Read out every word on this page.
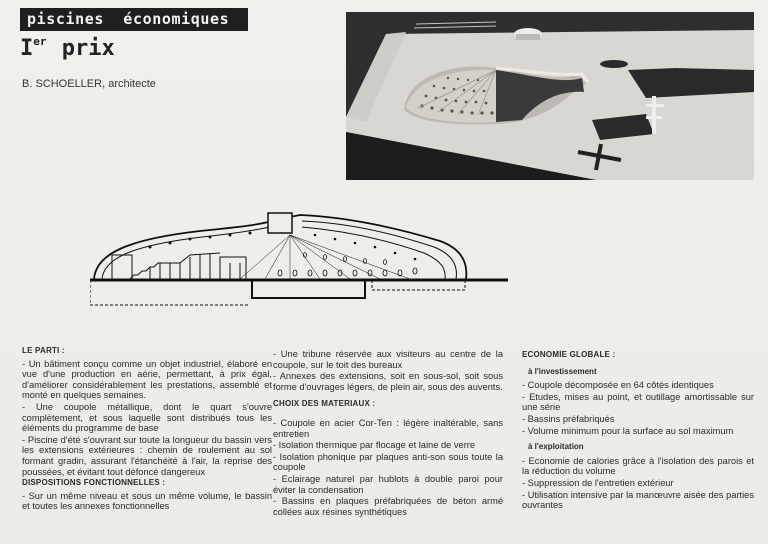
piscines  économiques
Ier prix
B. SCHOELLER, architecte
LE PARTI :
- Un bâtiment conçu comme un objet industriel, élaboré en vue d'une production en aérie, permettant, à prix égal, d'améliorer considérablement les prestations, assemblé et monté en quelques semaines.
- Une coupole métallique, dont le quart s'ouvre complètement, et sous laquelle sont distribués tous les éléments du programme de base
- Piscine d'été s'ouvrant sur toute la longueur du bassin vers les extensions extérieures : chemin de roulement au sol formant gradin, assurant l'étanchéité à l'air, la reprise des poussées, et évitant tout défoncé dangereux
DISPOSITIONS FONCTIONNELLES :
- Sur un même niveau et sous un même volume, le bassin et toutes les annexes fonctionnelles
- Une tribune réservée aux visiteurs au centre de la coupole, sur le toit des bureaux
- Annexes des extensions, soit en sous-sol, soit sous forme d'ouvrages légers, de plein air, sous des auvents.
CHOIX DES MATERIAUX :
- Coupole en acier Cor-Ten : légère inaltérable, sans entretien
- Isolation thermique par flocage et laine de verre
- Isolation phonique par plaques anti-son sous toute la coupole
- Eclairage naturel par hublots à double paroi pour éviter la condensation
- Bassins en plaques préfabriquées de béton armé collées aux résines synthétiques
ECONOMIE GLOBALE :
à l'investissement
- Coupole décomposée en 64 côtés identiques
- Etudes, mises au point, et outillage amortissable sur une série
- Bassins préfabriqués
- Volume minimum pour la surface au sol maximum
à l'exploitation
- Economie de calories grâce à l'isolation des parois et la réduction du volume
- Suppression de l'entretien extérieur
- Utilisation intensive par la manœuvre aisée des parties ouvrantes
